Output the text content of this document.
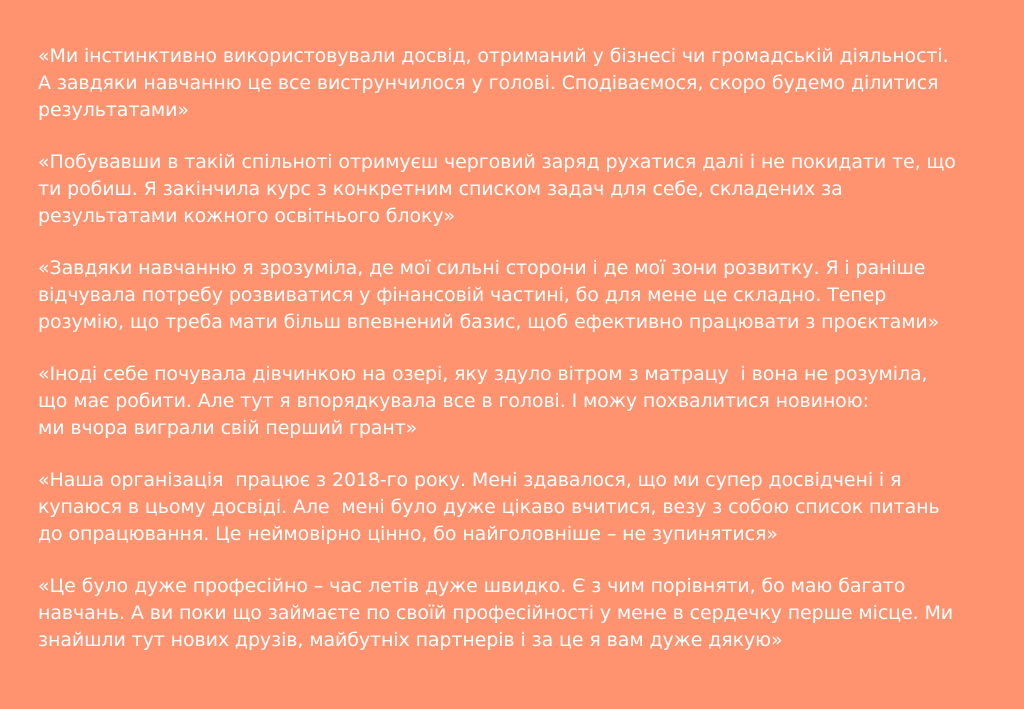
«Ми інстинктивно використовували досвід, отриманий у бізнесі чи громадській діяльності.
А завдяки навчанню це все виструнчилося у голові. Сподіваємося, скоро будемо ділитися
результатами»

«Побувавши в такій спільноті отримуєш черговий заряд рухатися далі і не покидати те, що
ти робиш. Я закінчила курс з конкретним списком задач для себе, складених за
результатами кожного освітнього блоку»

«Завдяки навчанню я зрозуміла, де мої сильні сторони і де мої зони розвитку. Я і раніше
відчувала потребу розвиватися у фінансовій частині, бо для мене це складно. Тепер
розумію, що треба мати більш впевнений базис, щоб ефективно працювати з проєктами»

«Іноді себе почувала дівчинкою на озері, яку здуло вітром з матрацу  і вона не розуміла,
що має робити. Але тут я впорядкувала все в голові. І можу похвалитися новиною:
ми вчора виграли свій перший грант»

«Наша організація  працює з 2018-го року. Мені здавалося, що ми супер досвідчені і я
купаюся в цьому досвіді. Але  мені було дуже цікаво вчитися, везу з собою список питань
до опрацювання. Це неймовірно цінно, бо найголовніше – не зупинятися»

«Це було дуже професійно – час летів дуже швидко. Є з чим порівняти, бо маю багато
навчань. А ви поки що займаєте по своїй професійності у мене в сердечку перше місце. Ми
знайшли тут нових друзів, майбутніх партнерів і за це я вам дуже дякую»
